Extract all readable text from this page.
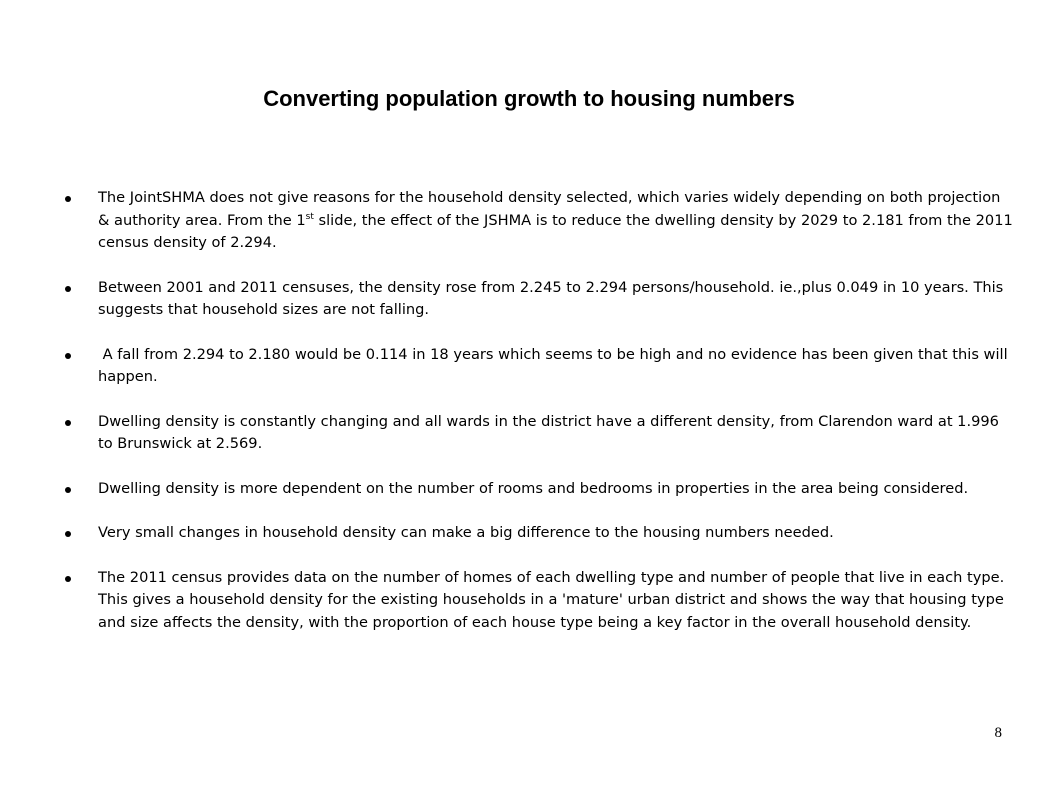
Converting population growth to housing numbers
The JointSHMA does not give reasons for the household density selected, which varies widely depending on both projection & authority area. From the 1st slide, the effect of the JSHMA is to reduce the dwelling density by 2029 to 2.181 from the 2011 census density of 2.294.
Between 2001 and 2011 censuses, the density rose from 2.245 to 2.294 persons/household. ie.,plus 0.049 in 10 years. This suggests that household sizes are not falling.
A fall from 2.294 to 2.180 would be 0.114 in 18 years which seems to be high and no evidence has been given that this will happen.
Dwelling density is constantly changing and all wards in the district have a different density, from Clarendon ward at 1.996 to Brunswick at 2.569.
Dwelling density is more dependent on the number of rooms and bedrooms in properties in the area being considered.
Very small changes in household density can make a big difference to the housing numbers needed.
The 2011 census provides data on the number of homes of each dwelling type and number of people that live in each type. This gives a household density for the existing households in a 'mature' urban district and shows the way that housing type and size affects the density, with the proportion of each house type being a key factor in the overall household density.
8
